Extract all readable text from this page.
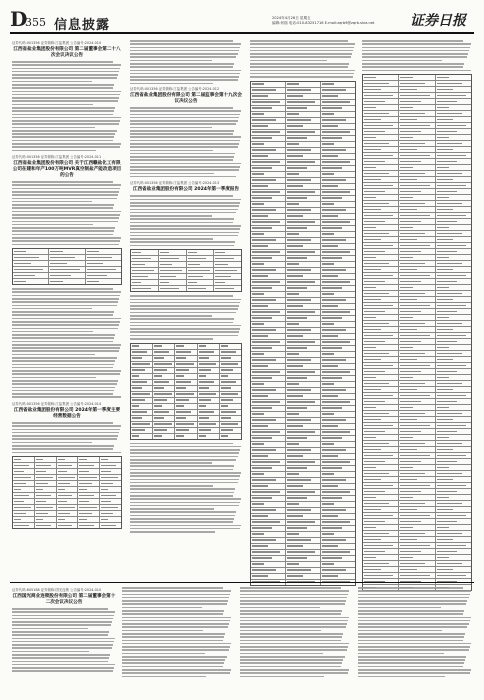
D
355 信息披露	2024年4月26日 星期五
编辑:何瑞 电话:010-83251716 E-mail:zqrb9@zqrb.sina.net	证券日报
证券代码:001356 证券简称:江盐集团 公告编号:2024-010
江西省盐业集团股份有限公司 第二届董事会第二十八次会议决议公告
证券代码:001356 证券简称:江盐集团 公告编号:2024-011
江西省盐业集团股份有限公司 关于江西赣盐化工有限公司在建和年产100万吨MVR真空制盐产能改造项目的公告
证券代码:001356 证券简称:江盐集团 公告编号:2024-014
江西省盐业集团股份有限公司 2024年第一季度主要经营数据公告
证券代码:001356 证券简称:江盐集团 公告编号:2024-012
江西省盐业集团股份有限公司 第二届监事会第十九次会议决议公告
证券代码:001356 证券简称:江盐集团 公告编号:2024-013
江西省盐业集团股份有限公司 2024年第一季度报告
证券代码:605188 证券简称:国光连锁 公告编号:2024-010
江西国光商业连锁股份有限公司 第二届董事会第十二次会议决议公告
